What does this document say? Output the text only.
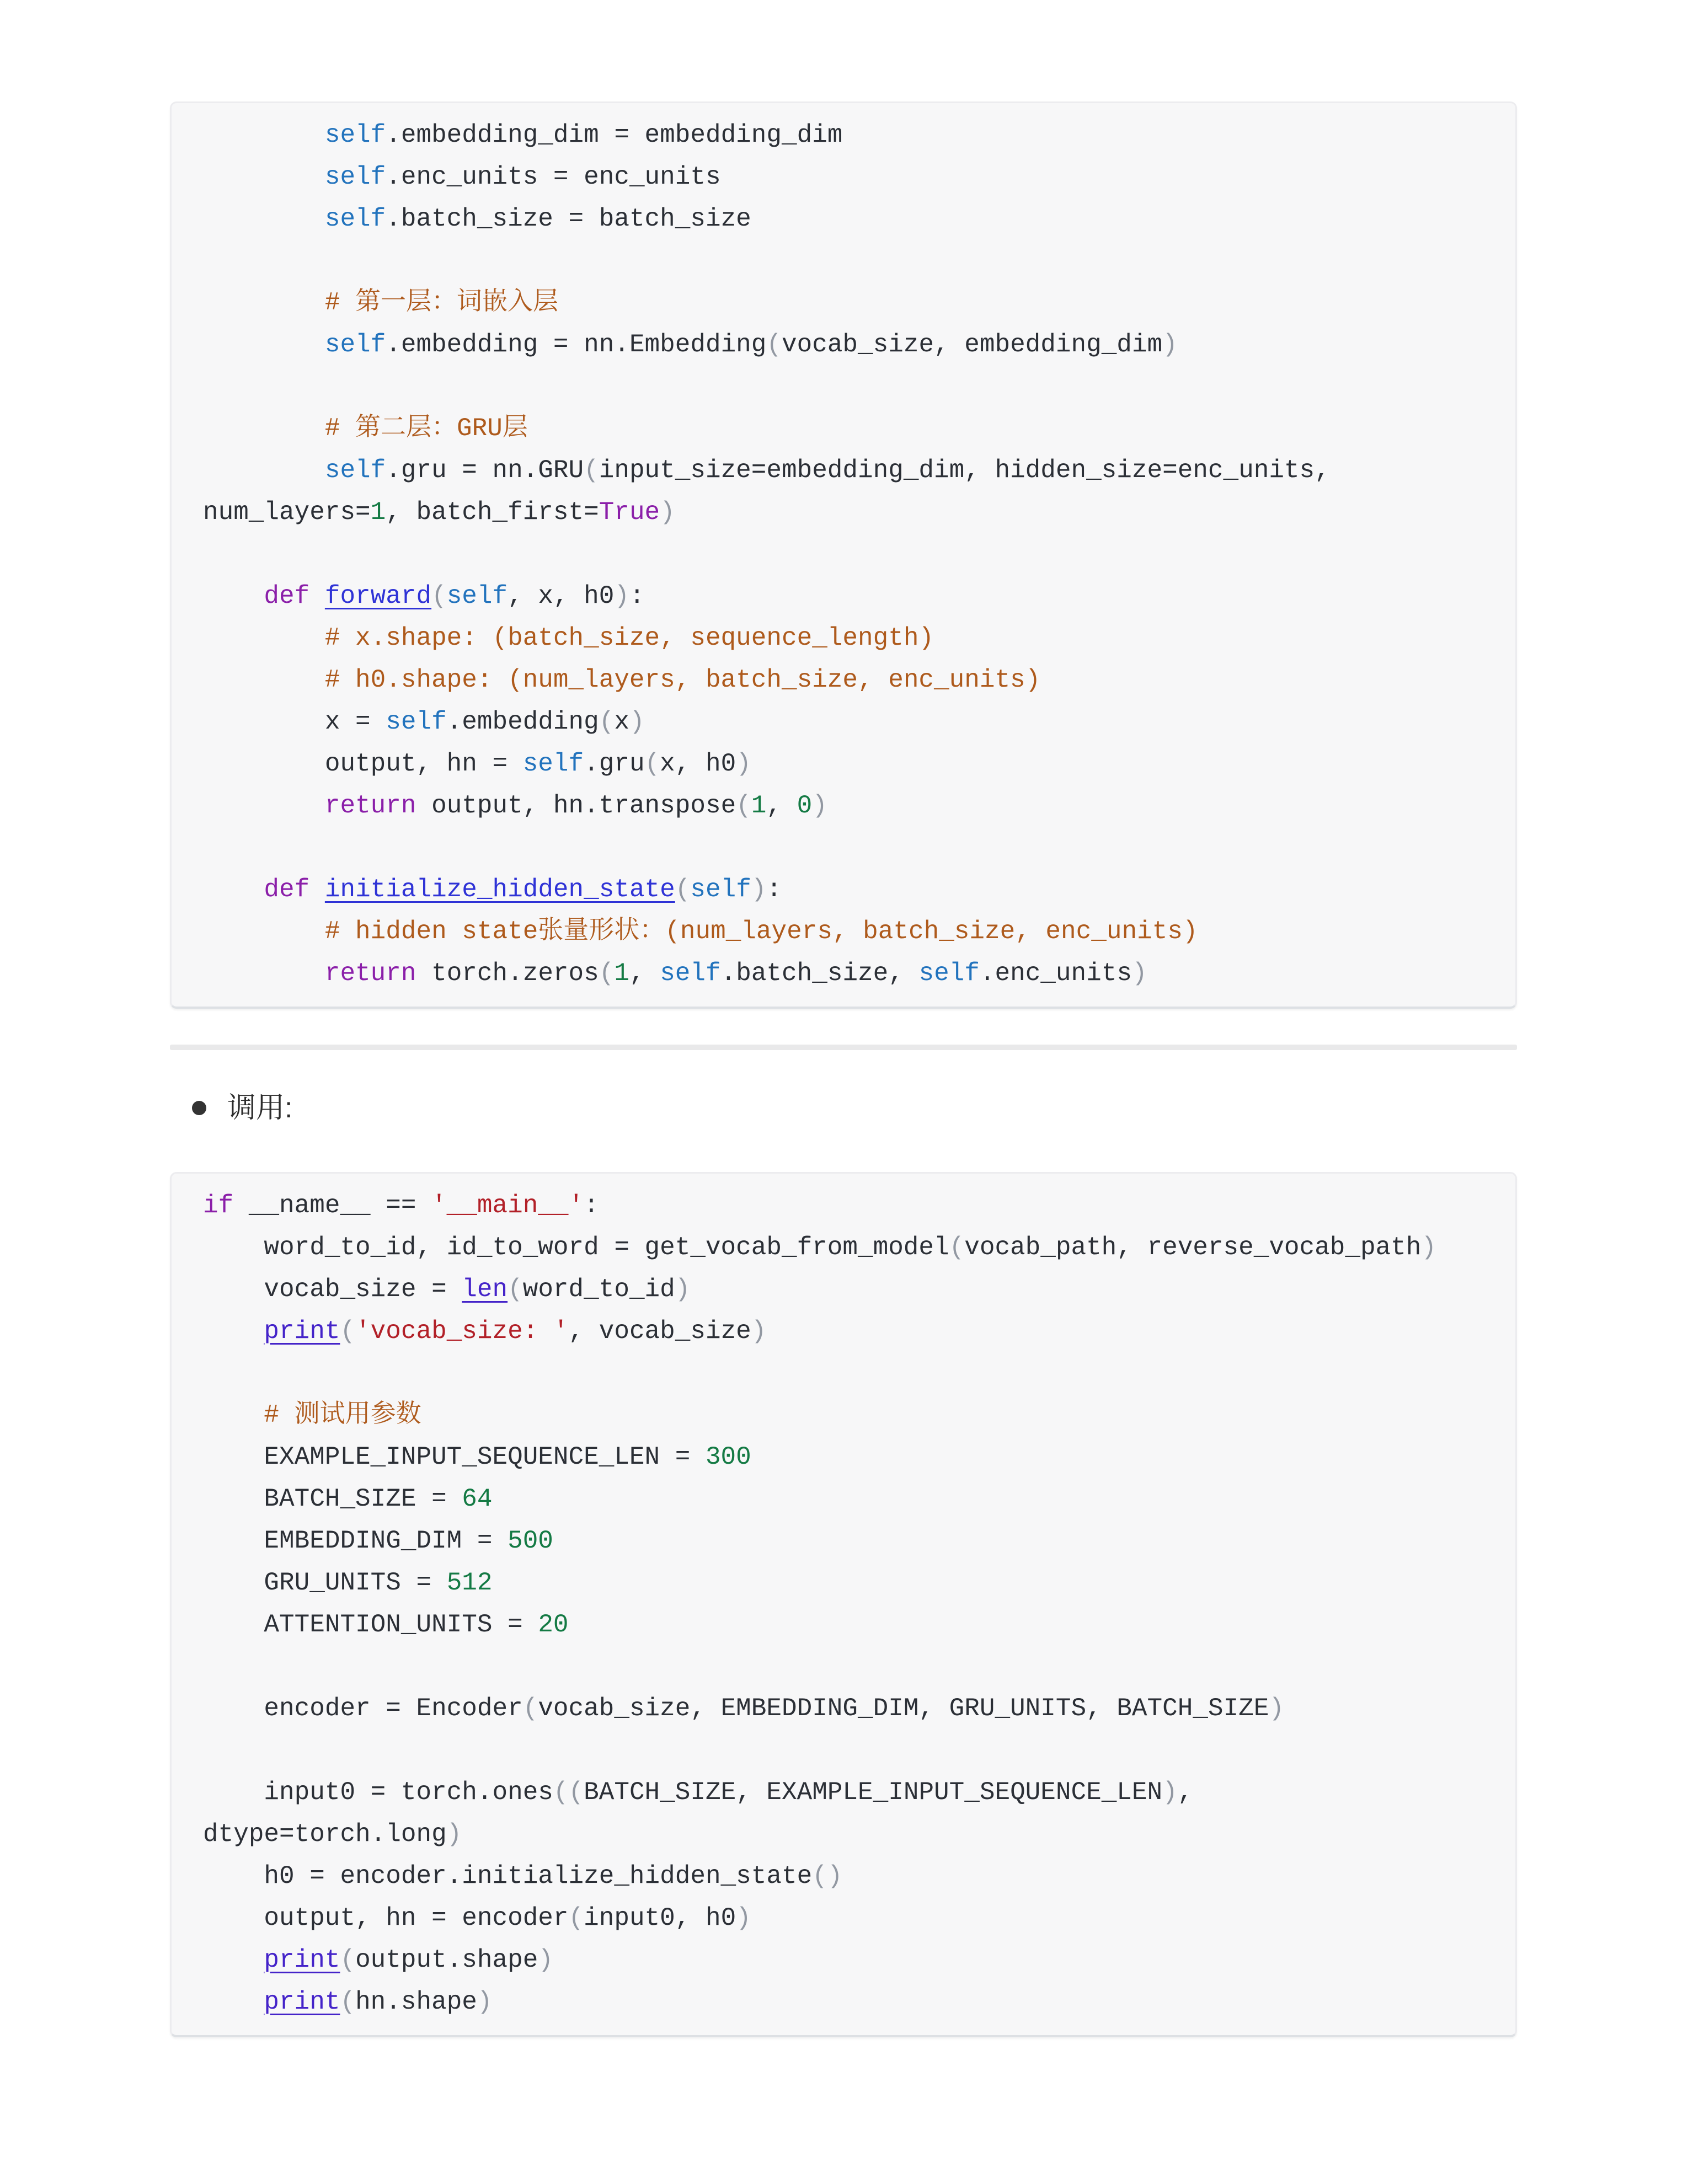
self.embedding_dim = embedding_dim
self.enc_units = enc_units
self.batch_size = batch_size

# 第一层：词嵌入层
self.embedding = nn.Embedding(vocab_size, embedding_dim)

# 第二层：GRU层
self.gru = nn.GRU(input_size=embedding_dim, hidden_size=enc_units, num_layers=1, batch_first=True)

def forward(self, x, h0):
# x.shape: (batch_size, sequence_length)
# h0.shape: (num_layers, batch_size, enc_units)
x = self.embedding(x)
output, hn = self.gru(x, h0)
return output, hn.transpose(1, 0)

def initialize_hidden_state(self):
# hidden state张量形状：(num_layers, batch_size, enc_units)
return torch.zeros(1, self.batch_size, self.enc_units)

调用:
if __name__ == '__main__':
word_to_id, id_to_word = get_vocab_from_model(vocab_path, reverse_vocab_path)
vocab_size = len(word_to_id)
print('vocab_size: ', vocab_size)

# 测试用参数
EXAMPLE_INPUT_SEQUENCE_LEN = 300
BATCH_SIZE = 64
EMBEDDING_DIM = 500
GRU_UNITS = 512
ATTENTION_UNITS = 20

encoder = Encoder(vocab_size, EMBEDDING_DIM, GRU_UNITS, BATCH_SIZE)

input0 = torch.ones((BATCH_SIZE, EXAMPLE_INPUT_SEQUENCE_LEN), dtype=torch.long)
h0 = encoder.initialize_hidden_state()
output, hn = encoder(input0, h0)
print(output.shape)
print(hn.shape)
